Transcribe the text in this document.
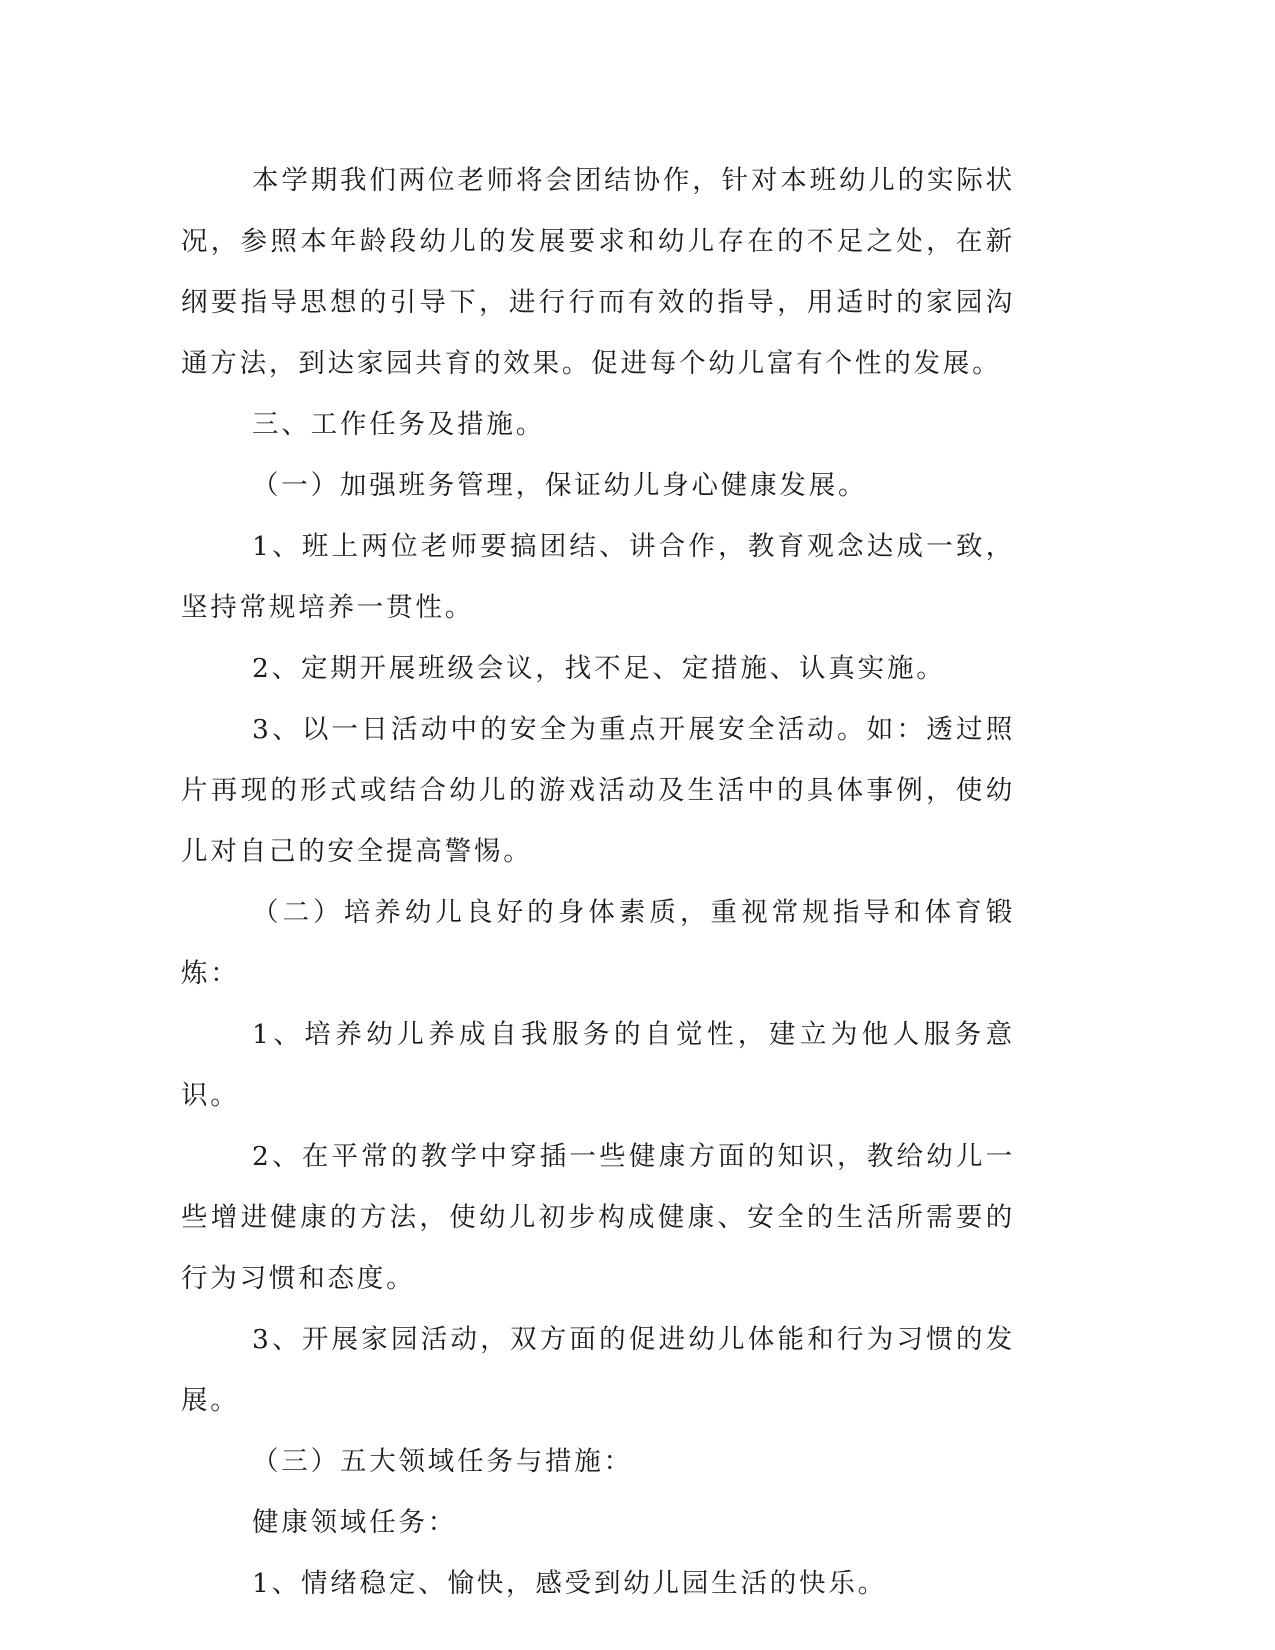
本学期我们两位老师将会团结协作，针对本班幼儿的实际状况，参照本年龄段幼儿的发展要求和幼儿存在的不足之处，在新纲要指导思想的引导下，进行行而有效的指导，用适时的家园沟通方法，到达家园共育的效果。促进每个幼儿富有个性的发展。

三、工作任务及措施。

（一）加强班务管理，保证幼儿身心健康发展。

1、班上两位老师要搞团结、讲合作，教育观念达成一致，坚持常规培养一贯性。

2、定期开展班级会议，找不足、定措施、认真实施。

3、以一日活动中的安全为重点开展安全活动。如：透过照片再现的形式或结合幼儿的游戏活动及生活中的具体事例，使幼儿对自己的安全提高警惕。

（二）培养幼儿良好的身体素质，重视常规指导和体育锻炼：

1、培养幼儿养成自我服务的自觉性，建立为他人服务意识。

2、在平常的教学中穿插一些健康方面的知识，教给幼儿一些增进健康的方法，使幼儿初步构成健康、安全的生活所需要的行为习惯和态度。

3、开展家园活动，双方面的促进幼儿体能和行为习惯的发展。

（三）五大领域任务与措施：

健康领域任务：

1、情绪稳定、愉快，感受到幼儿园生活的快乐。
